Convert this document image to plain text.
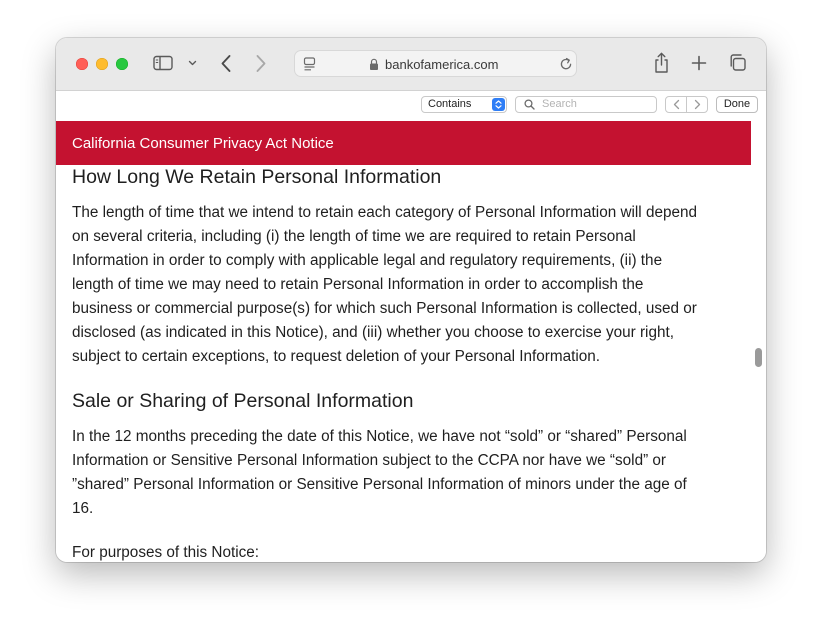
bankofamerica.com
Contains	Search	Done
California Consumer Privacy Act Notice
How Long We Retain Personal Information

The length of time that we intend to retain each category of Personal Information will depend
on several criteria, including (i) the length of time we are required to retain Personal
Information in order to comply with applicable legal and regulatory requirements, (ii) the
length of time we may need to retain Personal Information in order to accomplish the
business or commercial purpose(s) for which such Personal Information is collected, used or
disclosed (as indicated in this Notice), and (iii) whether you choose to exercise your right,
subject to certain exceptions, to request deletion of your Personal Information.

Sale or Sharing of Personal Information

In the 12 months preceding the date of this Notice, we have not “sold” or “shared” Personal
Information or Sensitive Personal Information subject to the CCPA nor have we “sold” or
”shared” Personal Information or Sensitive Personal Information of minors under the age of
16.

For purposes of this Notice:
